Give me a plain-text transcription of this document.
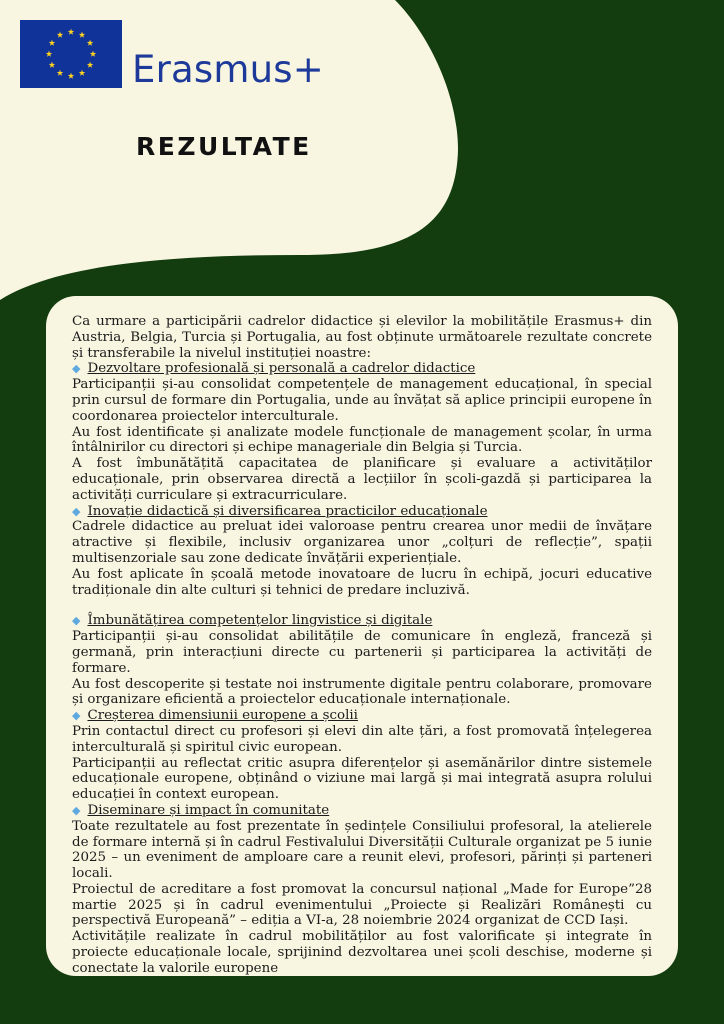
Erasmus+
REZULTATE

Ca urmare a participării cadrelor didactice și elevilor la mobilitățile Erasmus+ din Austria, Belgia, Turcia și Portugalia, au fost obținute următoarele rezultate concrete și transferabile la nivelul instituției noastre:

◆ Dezvoltare profesională și personală a cadrelor didactice

Participanții și-au consolidat competențele de management educațional, în special prin cursul de formare din Portugalia, unde au învățat să aplice principii europene în coordonarea proiectelor interculturale.

Au fost identificate și analizate modele funcționale de management școlar, în urma întâlnirilor cu directori și echipe manageriale din Belgia și Turcia.

A fost îmbunătățită capacitatea de planificare și evaluare a activităților educaționale, prin observarea directă a lecțiilor în școli-gazdă și participarea la activități curriculare și extracurriculare.

◆ Inovație didactică și diversificarea practicilor educaționale

Cadrele didactice au preluat idei valoroase pentru crearea unor medii de învățare atractive și flexibile, inclusiv organizarea unor „colțuri de reflecție”, spații multisenzoriale sau zone dedicate învățării experiențiale.

Au fost aplicate în școală metode inovatoare de lucru în echipă, jocuri educative tradiționale din alte culturi și tehnici de predare incluzivă.

◆ Îmbunătățirea competențelor lingvistice și digitale

Participanții și-au consolidat abilitățile de comunicare în engleză, franceză și germană, prin interacțiuni directe cu partenerii și participarea la activități de formare.

Au fost descoperite și testate noi instrumente digitale pentru colaborare, promovare și organizare eficientă a proiectelor educaționale internaționale.

◆ Creșterea dimensiunii europene a școlii

Prin contactul direct cu profesori și elevi din alte țări, a fost promovată înțelegerea interculturală și spiritul civic european.

Participanții au reflectat critic asupra diferențelor și asemănărilor dintre sistemele educaționale europene, obținând o viziune mai largă și mai integrată asupra rolului educației în context european.

◆ Diseminare și impact în comunitate

Toate rezultatele au fost prezentate în ședințele Consiliului profesoral, la atelierele de formare internă și în cadrul Festivalului Diversității Culturale organizat pe 5 iunie 2025 – un eveniment de amploare care a reunit elevi, profesori, părinți și parteneri locali.

Proiectul de acreditare a fost promovat la concursul național „Made for Europe”28 martie 2025 și în cadrul evenimentului „Proiecte și Realizări Românești cu perspectivă Europeană” – ediția a VI-a, 28 noiembrie 2024 organizat de CCD Iași.

Activitățile realizate în cadrul mobilităților au fost valorificate și integrate în proiecte educaționale locale, sprijinind dezvoltarea unei școli deschise, moderne și conectate la valorile europene
